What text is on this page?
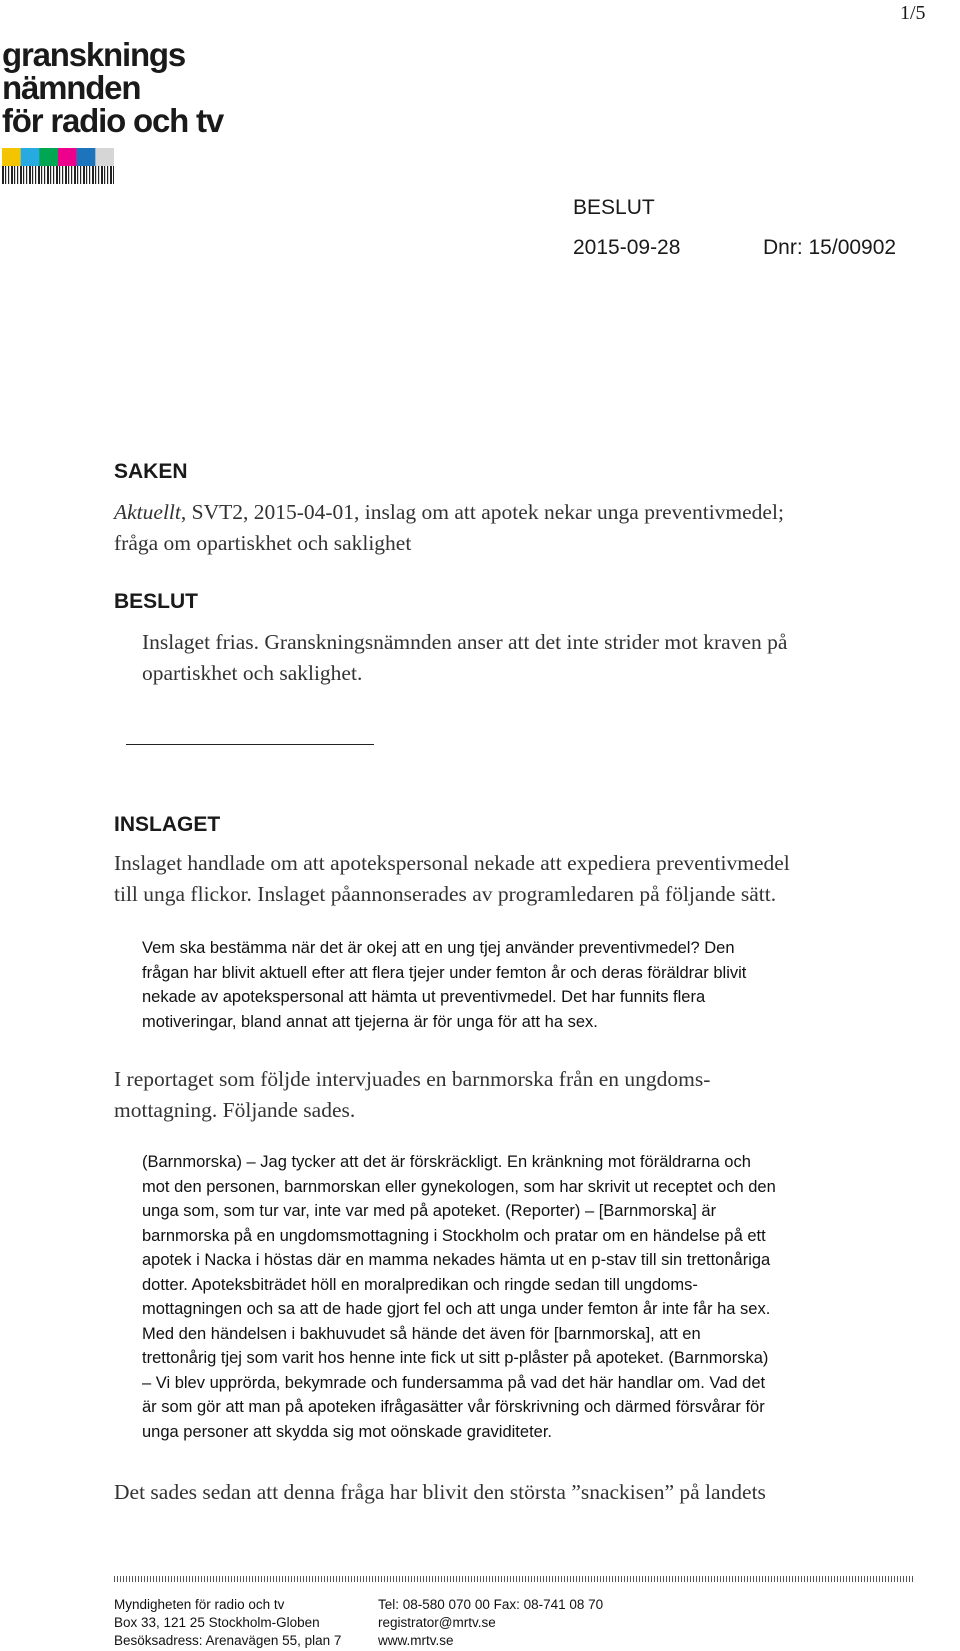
1/5
gransknings
nämnden
för radio och tv
BESLUT
2015-09-28	Dnr: 15/00902
SAKEN
Aktuellt, SVT2, 2015-04-01, inslag om att apotek nekar unga preventivmedel;
fråga om opartiskhet och saklighet
BESLUT
Inslaget frias. Granskningsnämnden anser att det inte strider mot kraven på
opartiskhet och saklighet.
INSLAGET
Inslaget handlade om att apotekspersonal nekade att expediera preventivmedel
till unga flickor. Inslaget påannonserades av programledaren på följande sätt.
Vem ska bestämma när det är okej att en ung tjej använder preventivmedel? Den
frågan har blivit aktuell efter att flera tjejer under femton år och deras föräldrar blivit
nekade av apotekspersonal att hämta ut preventivmedel. Det har funnits flera
motiveringar, bland annat att tjejerna är för unga för att ha sex.
I reportaget som följde intervjuades en barnmorska från en ungdoms-
mottagning. Följande sades.
(Barnmorska) – Jag tycker att det är förskräckligt. En kränkning mot föräldrarna och
mot den personen, barnmorskan eller gynekologen, som har skrivit ut receptet och den
unga som, som tur var, inte var med på apoteket. (Reporter) – [Barnmorska] är
barnmorska på en ungdomsmottagning i Stockholm och pratar om en händelse på ett
apotek i Nacka i höstas där en mamma nekades hämta ut en p-stav till sin trettonåriga
dotter. Apoteksbiträdet höll en moralpredikan och ringde sedan till ungdoms-
mottagningen och sa att de hade gjort fel och att unga under femton år inte får ha sex.
Med den händelsen i bakhuvudet så hände det även för [barnmorska], att en
trettonårig tjej som varit hos henne inte fick ut sitt p-plåster på apoteket. (Barnmorska)
– Vi blev upprörda, bekymrade och fundersamma på vad det här handlar om. Vad det
är som gör att man på apoteken ifrågasätter vår förskrivning och därmed försvårar för
unga personer att skydda sig mot oönskade graviditeter.
Det sades sedan att denna fråga har blivit den största ”snackisen” på landets
Myndigheten för radio och tv
Box 33, 121 25 Stockholm-Globen
Besöksadress: Arenavägen 55, plan 7
Tel: 08-580 070 00 Fax: 08-741 08 70
registrator@mrtv.se
www.mrtv.se
